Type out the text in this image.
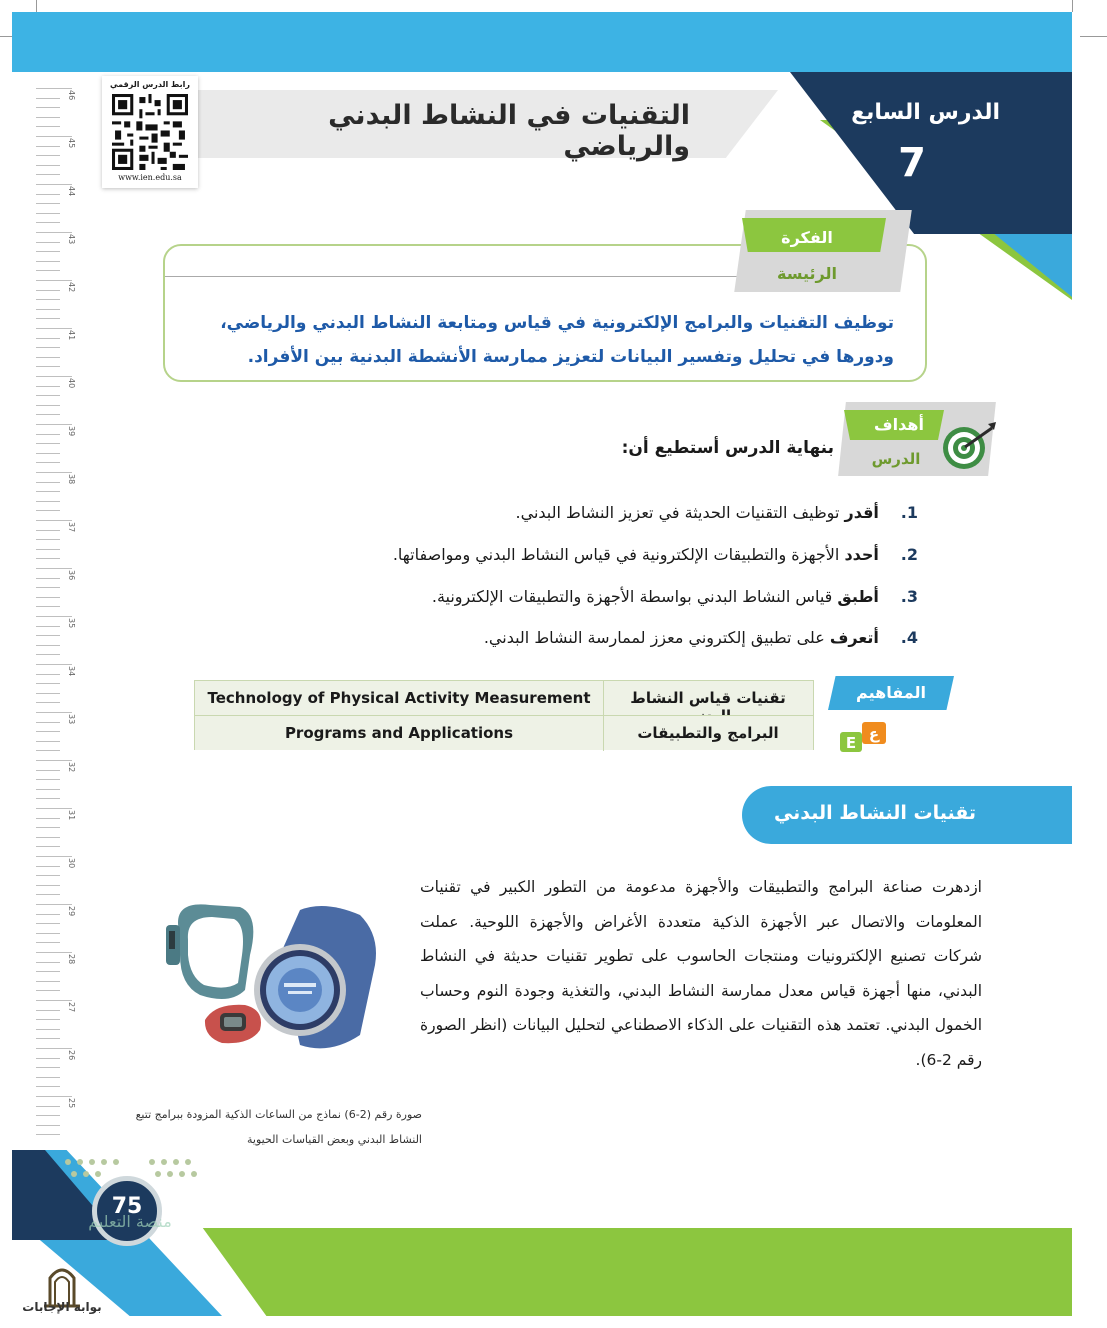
التقنيات في النشاط البدني والرياضي
الدرس السابع
7
رابط الدرس الرقمي
www.ien.edu.sa
46
45
44
43
42
41
40
39
38
37
36
35
34
33
32
31
30
29
28
27
26
25
الفكرة
الرئيسة

توظيف التقنيات والبرامج الإلكترونية في قياس ومتابعة النشاط البدني والرياضي، ودورها في تحليل وتفسير البيانات لتعزيز ممارسة الأنشطة البدنية بين الأفراد.

أهداف
الدرس
بنهاية الدرس أستطيع أن:
1. أقدر توظيف التقنيات الحديثة في تعزيز النشاط البدني.
2. أحدد الأجهزة والتطبيقات الإلكترونية في قياس النشاط البدني ومواصفاتها.
3. أطبق قياس النشاط البدني بواسطة الأجهزة والتطبيقات الإلكترونية.
4. أتعرف على تطبيق إلكتروني معزز لممارسة النشاط البدني.
Technology of Physical Activity Measurement	تقنيات قياس النشاط
Programs and Applications	البرامج والتطبيقات
المفاهيم
E ع
تقنيات النشاط البدني

ازدهرت صناعة البرامج والتطبيقات والأجهزة مدعومة من التطور الكبير في تقنيات المعلومات والاتصال عبر الأجهزة الذكية متعددة الأغراض والأجهزة اللوحية. عملت شركات تصنيع الإلكترونيات ومنتجات الحاسوب على تطوير تقنيات حديثة في النشاط البدني، منها أجهزة قياس معدل ممارسة النشاط البدني، والتغذية وجودة النوم وحساب الخمول البدني. تعتمد هذه التقنيات على الذكاء الاصطناعي لتحليل البيانات (انظر الصورة رقم 2-6).

صورة رقم (2-6) نماذج من الساعات الذكية المزودة ببرامج تتبع النشاط البدني وبعض القياسات الحيوية
75
منصة التعليم
بوابة الإجابات
